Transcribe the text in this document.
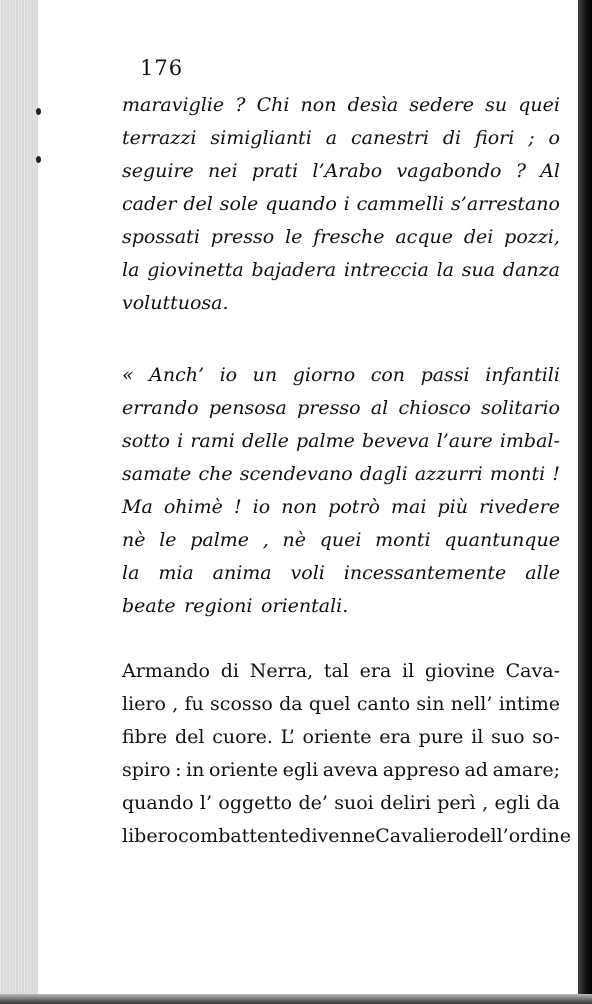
176
maraviglie ? Chi non desìa sedere su quei
terrazzi simiglianti a canestri di fiori ; o
seguire nei prati l’Arabo vagabondo ? Al
cader del sole quando i cammelli s’arrestano
spossati presso le fresche acque dei pozzi,
la giovinetta bajadera intreccia la sua danza
voluttuosa.
« Anch’ io un giorno con passi infantili
errando pensosa presso al chiosco solitario
sotto i rami delle palme beveva l’aure imbal-
samate che scendevano dagli azzurri monti !
Ma ohimè ! io non potrò mai più rivedere
nè le palme , nè quei monti quantunque
la mia anima voli incessantemente alle
beate regioni orientali.
Armando di Nerra, tal era il giovine Cava-
liero , fu scosso da quel canto sin nell’ intime
fibre del cuore. L’ oriente era pure il suo so-
spiro : in oriente egli aveva appreso ad amare;
quando l’ oggetto de’ suoi deliri perì , egli da
libero combattente divenne Cavaliero dell’ordine
